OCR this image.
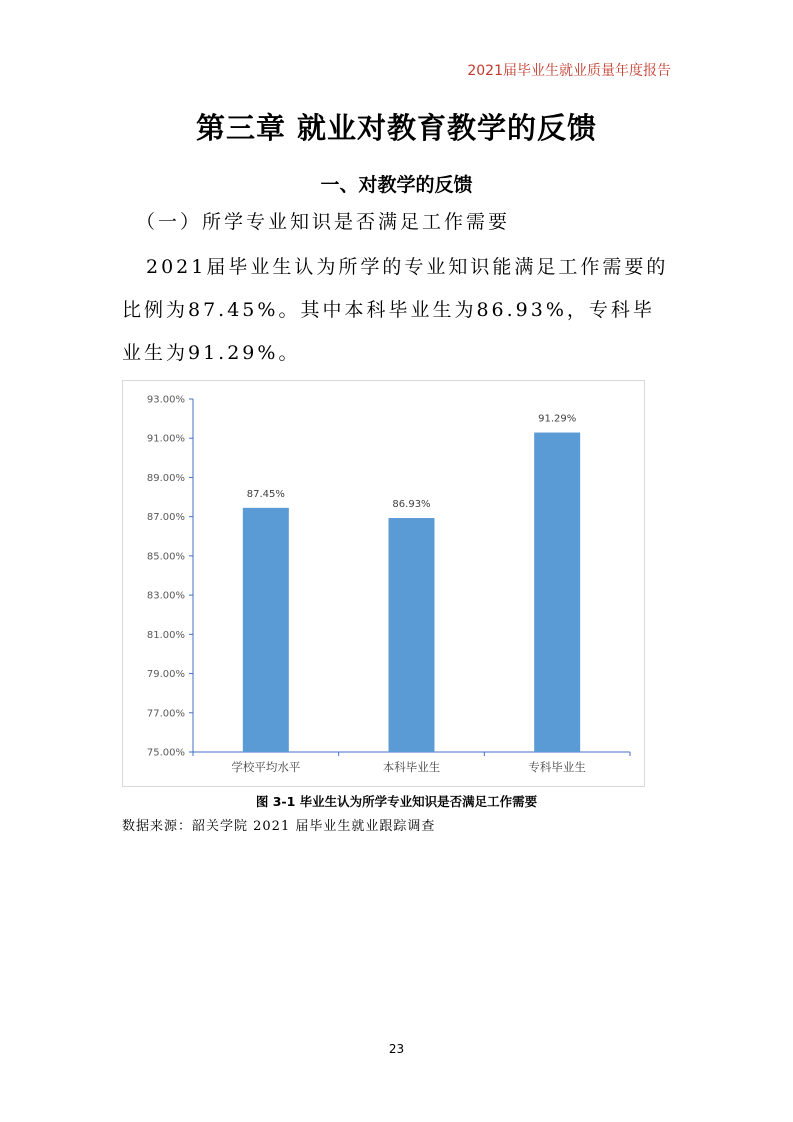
2021届毕业生就业质量年度报告
第三章 就业对教育教学的反馈
一、对教学的反馈
（一）所学专业知识是否满足工作需要

2021届毕业生认为所学的专业知识能满足工作需要的比例为87.45%。其中本科毕业生为86.93%，专科毕业生为91.29%。

75.00%
77.00%
79.00%
81.00%
83.00%
85.00%
87.00%
89.00%
91.00%
93.00%
87.45%
学校平均水平
86.93%
本科毕业生
91.29%
专科毕业生
图 3-1 毕业生认为所学专业知识是否满足工作需要
数据来源：韶关学院 2021 届毕业生就业跟踪调查
23
